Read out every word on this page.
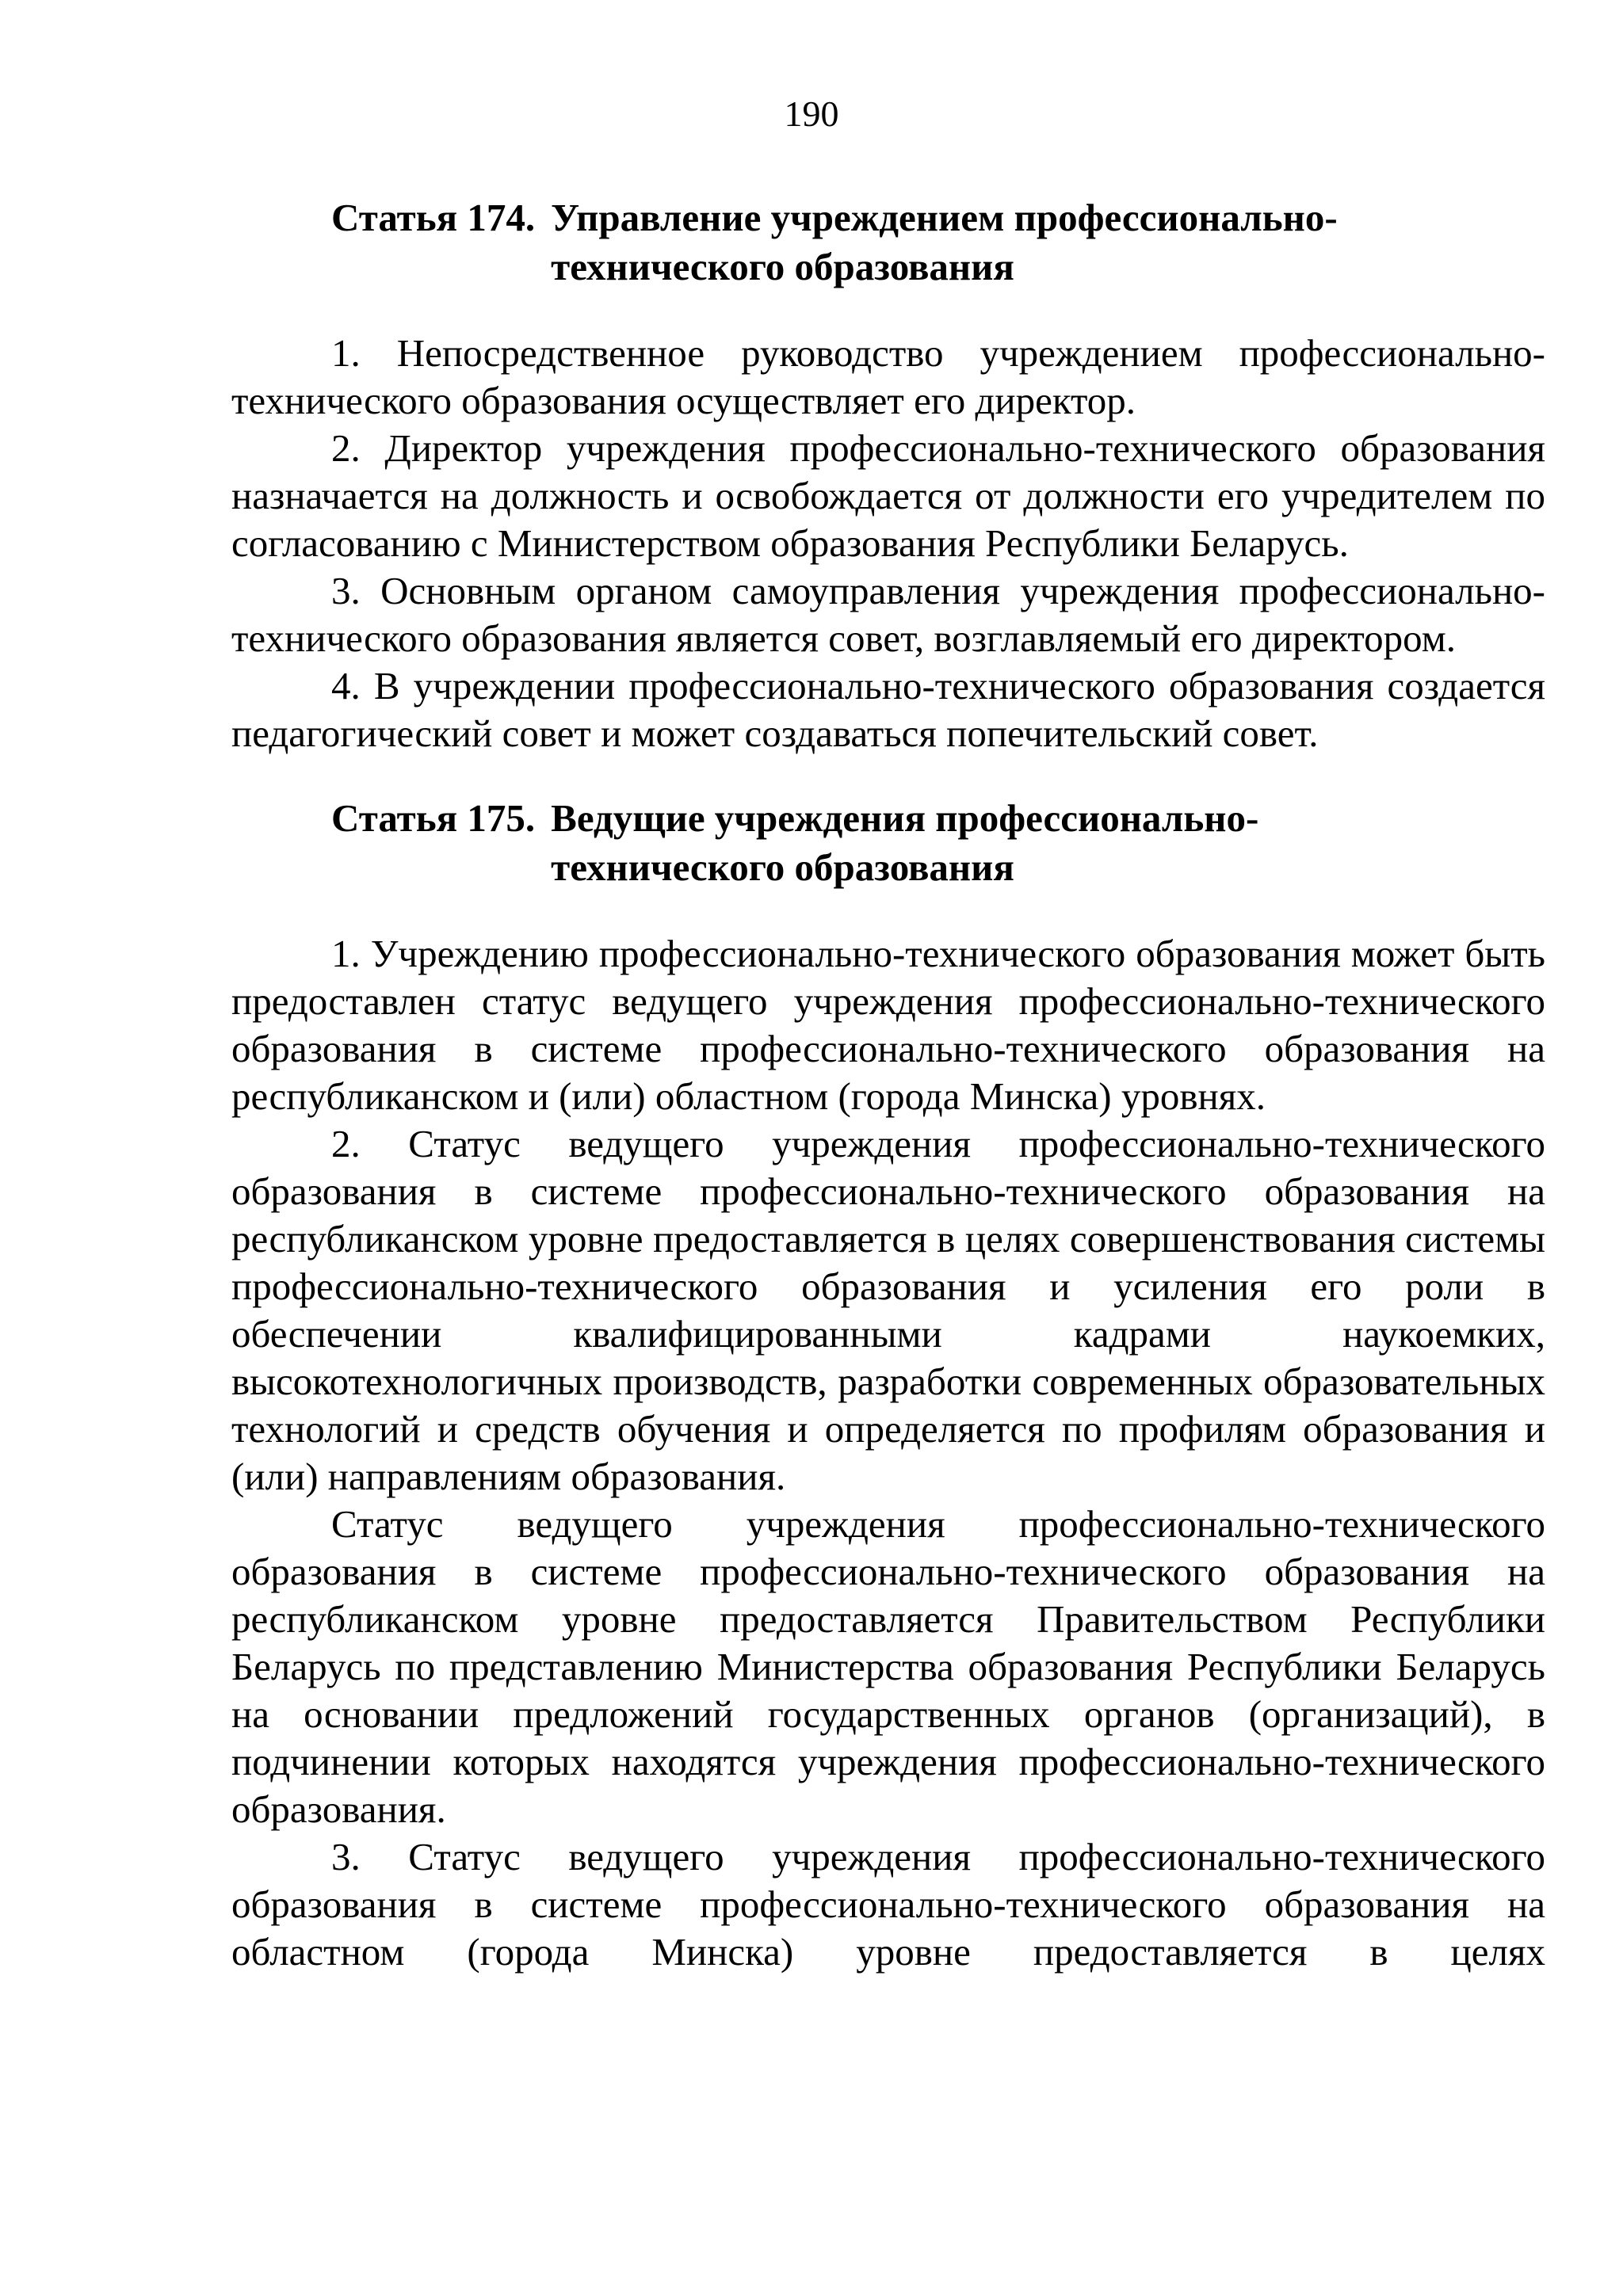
190
Статья 174. Управление учреждением профессионально-
технического образования

1. Непосредственное руководство учреждением профессионально-технического образования осуществляет его директор.

2. Директор учреждения профессионально-технического образования назначается на должность и освобождается от должности его учредителем по согласованию с Министерством образования Республики Беларусь.

3. Основным органом самоуправления учреждения профессионально-технического образования является совет, возглавляемый его директором.

4. В учреждении профессионально-технического образования создается педагогический совет и может создаваться попечительский совет.

Статья 175. Ведущие учреждения профессионально-
технического образования

1. Учреждению профессионально-технического образования может быть предоставлен статус ведущего учреждения профессионально-технического образования в системе профессионально-технического образования на республиканском и (или) областном (города Минска) уровнях.

2. Статус ведущего учреждения профессионально-технического образования в системе профессионально-технического образования на республиканском уровне предоставляется в целях совершенствования системы профессионально-технического образования и усиления его роли в обеспечении квалифицированными кадрами наукоемких, высокотехнологичных производств, разработки современных образовательных технологий и средств обучения и определяется по профилям образования и (или) направлениям образования.

Статус ведущего учреждения профессионально-технического образования в системе профессионально-технического образования на республиканском уровне предоставляется Правительством Республики Беларусь по представлению Министерства образования Республики Беларусь на основании предложений государственных органов (организаций), в подчинении которых находятся учреждения профессионально-технического образования.

3. Статус ведущего учреждения профессионально-технического образования в системе профессионально-технического образования на областном (города Минска) уровне предоставляется в целях
